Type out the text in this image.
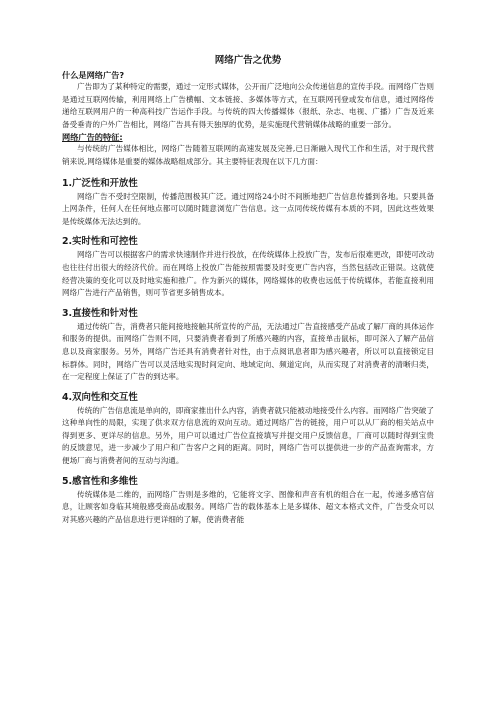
网络广告之优势
什么是网络广告?

广告即为了某种特定的需要，通过一定形式媒体，公开而广泛地向公众传递信息的宣传手段。而网络广告则是通过互联网传输，利用网络上广告横幅、文本链接、多媒体等方式，在互联网刊登或发布信息，通过网络传递给互联网用户的一种高科技广告运作手段。与传统的四大传播媒体（报纸、杂志、电视、广播）广告及近来备受垂青的户外广告相比，网络广告具有得天独厚的优势，是实施现代营销媒体战略的重要一部分。

网络广告的特征:

与传统的广告媒体相比，网络广告随着互联网的高速发展及完善,已日渐融入现代工作和生活，对于现代营销来说,网络媒体是重要的媒体战略组成部分。其主要特征表现在以下几方面：

1.广泛性和开放性

网络广告不受时空限制，传播范围极其广泛。通过网络24小时不间断地把广告信息传播到各地。只要具备上网条件，任何人在任何地点都可以随时随意浏览广告信息。这一点同传统传媒有本质的不同，因此这些效果是传统媒体无法达到的。

2.实时性和可控性

网络广告可以根据客户的需求快速制作并进行投放，在传统媒体上投放广告，发布后很难更改，即使可改动也往往付出很大的经济代价。而在网络上投放广告能按照需要及时变更广告内容，当然包括改正错误。这就使经营决策的变化可以及时地实施和推广。作为新兴的媒体，网络媒体的收费也远低于传统媒体，若能直接利用网络广告进行产品销售，则可节省更多销售成本。

3.直接性和针对性

通过传统广告，消费者只能间接地接触其所宣传的产品，无法通过广告直接感受产品或了解厂商的具体运作和服务的提供。而网络广告则不同，只要消费者看到了所感兴趣的内容，直接单击鼠标，即可深入了解产品信息以及商家服务。另外，网络广告还具有消费者针对性，由于点阅讯息者即为感兴趣者，所以可以直接锁定目标群体。同时，网络广告可以灵活地实现时间定向、地域定向、频道定向，从而实现了对消费者的清晰归类，在一定程度上保证了广告的到达率。

4.双向性和交互性

传统的广告信息流是单向的，即商家推出什么内容，消费者就只能被动地接受什么内容。而网络广告突破了这种单向性的局限，实现了供求双方信息流的双向互动。通过网络广告的链接，用户可以从厂商的相关站点中得到更多、更详尽的信息。另外，用户可以通过广告位直接填写并提交用户反馈信息，厂商可以随时得到宝贵的反馈意见，进一步减少了用户和广告客户之间的距离。同时，网络广告可以提供进一步的产品查询需求，方便场厂商与消费者间的互动与沟通。

5.感官性和多维性

传统媒体是二维的，而网络广告则是多维的，它能将文字、图像和声音有机的组合在一起，传递多感官信息，让顾客如身临其境般感受商品或服务。网络广告的载体基本上是多媒体、超文本格式文件，广告受众可以对其感兴趣的产品信息进行更详细的了解，使消费者能
